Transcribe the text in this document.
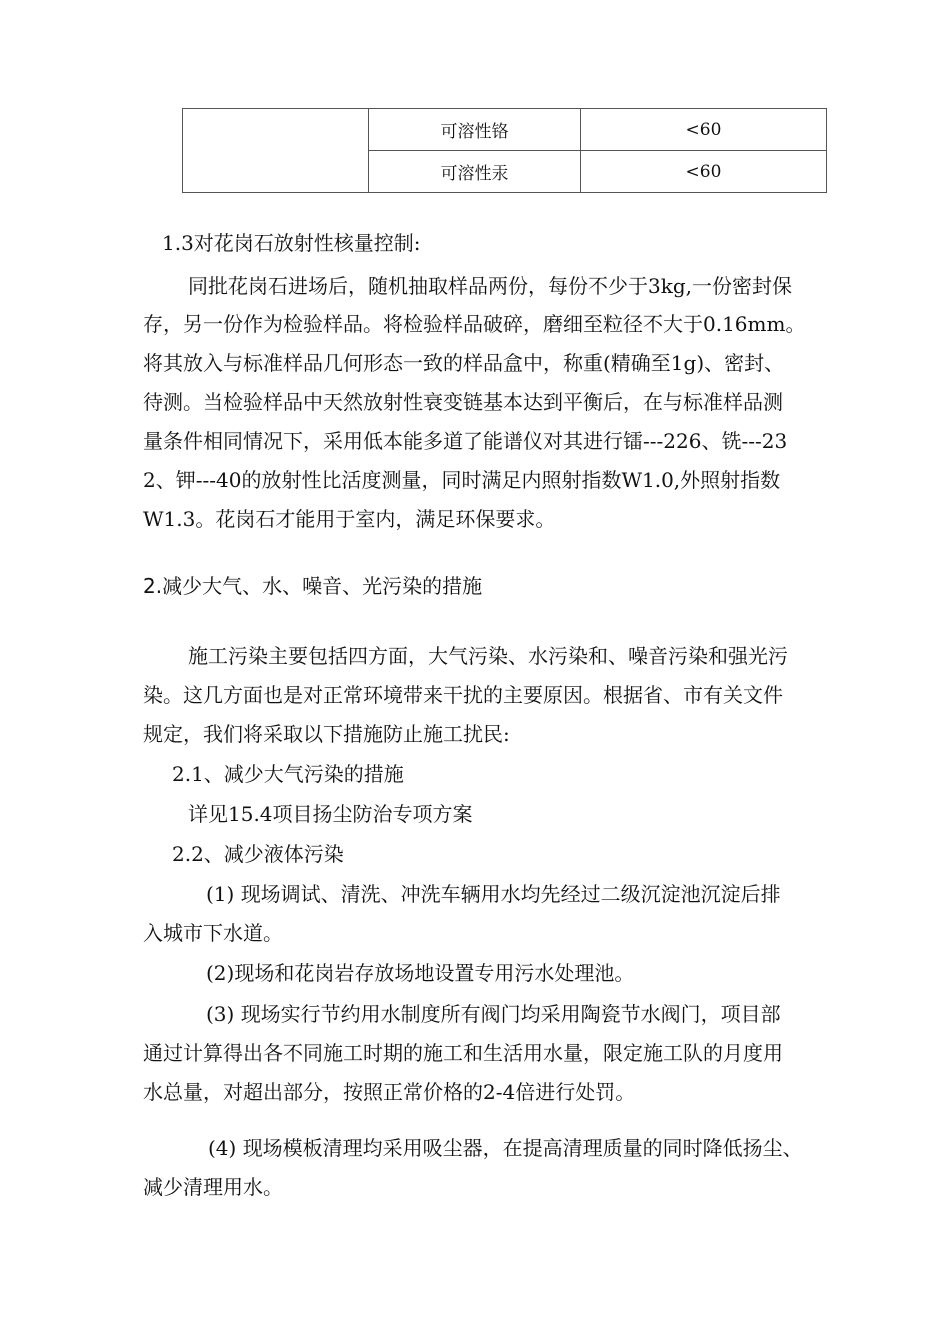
	可溶性铬	<60
	可溶性汞	<60
1.3对花岗石放射性核量控制:
同批花岗石进场后，随机抽取样品两份，每份不少于3kg,一份密封保
存，另一份作为检验样品。将检验样品破碎，磨细至粒径不大于0.16mm。
将其放入与标准样品几何形态一致的样品盒中，称重(精确至1g)、密封、
待测。当检验样品中天然放射性衰变链基本达到平衡后，在与标准样品测
量条件相同情况下，采用低本能多道了能谱仪对其进行镭---226、铣---23
2、钾---40的放射性比活度测量，同时满足内照射指数W1.0,外照射指数
W1.3。花岗石才能用于室内，满足环保要求。
2.减少大气、水、噪音、光污染的措施
施工污染主要包括四方面，大气污染、水污染和、噪音污染和强光污
染。这几方面也是对正常环境带来干扰的主要原因。根据省、市有关文件
规定，我们将采取以下措施防止施工扰民:
2.1、减少大气污染的措施
详见15.4项目扬尘防治专项方案
2.2、减少液体污染
(1) 现场调试、清洗、冲洗车辆用水均先经过二级沉淀池沉淀后排
入城市下水道。
(2)现场和花岗岩存放场地设置专用污水处理池。
(3) 现场实行节约用水制度所有阀门均采用陶瓷节水阀门，项目部
通过计算得出各不同施工时期的施工和生活用水量，限定施工队的月度用
水总量，对超出部分，按照正常价格的2-4倍进行处罚。
(4) 现场模板清理均采用吸尘器，在提高清理质量的同时降低扬尘、
减少清理用水。
